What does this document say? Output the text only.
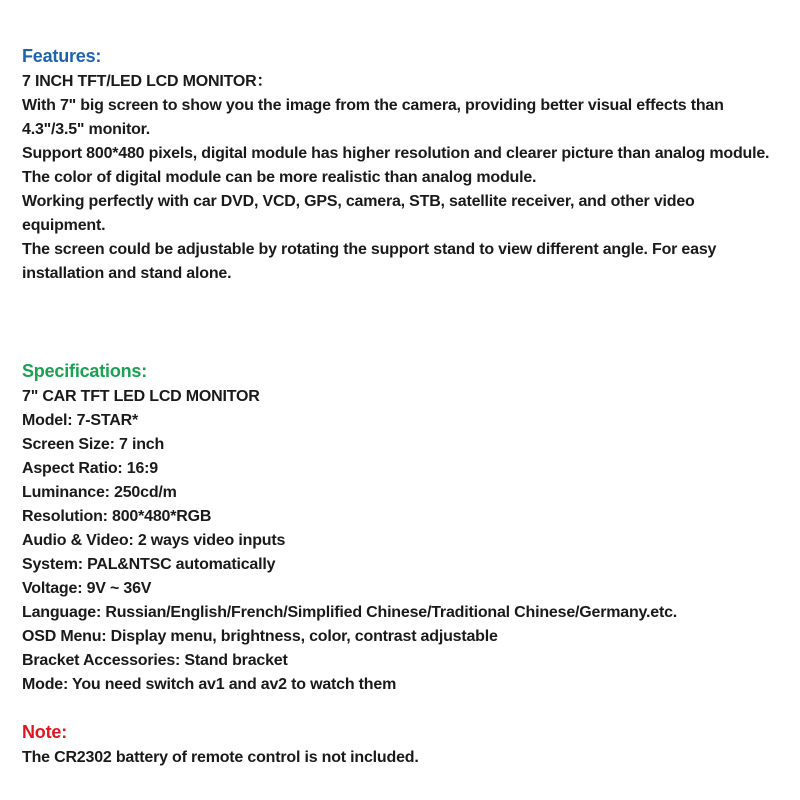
Features:

7 INCH TFT/LED LCD MONITOR：

With 7" big screen to show you the image from the camera, providing better visual effects than 4.3"/3.5" monitor.

Support 800*480 pixels, digital module has higher resolution and clearer picture than analog module. The color of digital module can be more realistic than analog module.

Working perfectly with car DVD, VCD, GPS, camera, STB, satellite receiver, and other video equipment.

The screen could be adjustable by rotating the support stand to view different angle. For easy installation and stand alone.

Specifications:

7" CAR TFT LED LCD MONITOR

Model: 7-STAR*

Screen Size: 7 inch

Aspect Ratio: 16:9

Luminance: 250cd/m

Resolution: 800*480*RGB

Audio & Video: 2 ways video inputs

System: PAL&NTSC automatically

Voltage: 9V ~ 36V

Language: Russian/English/French/Simplified Chinese/Traditional Chinese/Germany.etc.

OSD Menu: Display menu, brightness, color, contrast adjustable

Bracket Accessories: Stand bracket

Mode: You need switch av1 and av2 to watch them

Note:

The CR2302 battery of remote control is not included.
